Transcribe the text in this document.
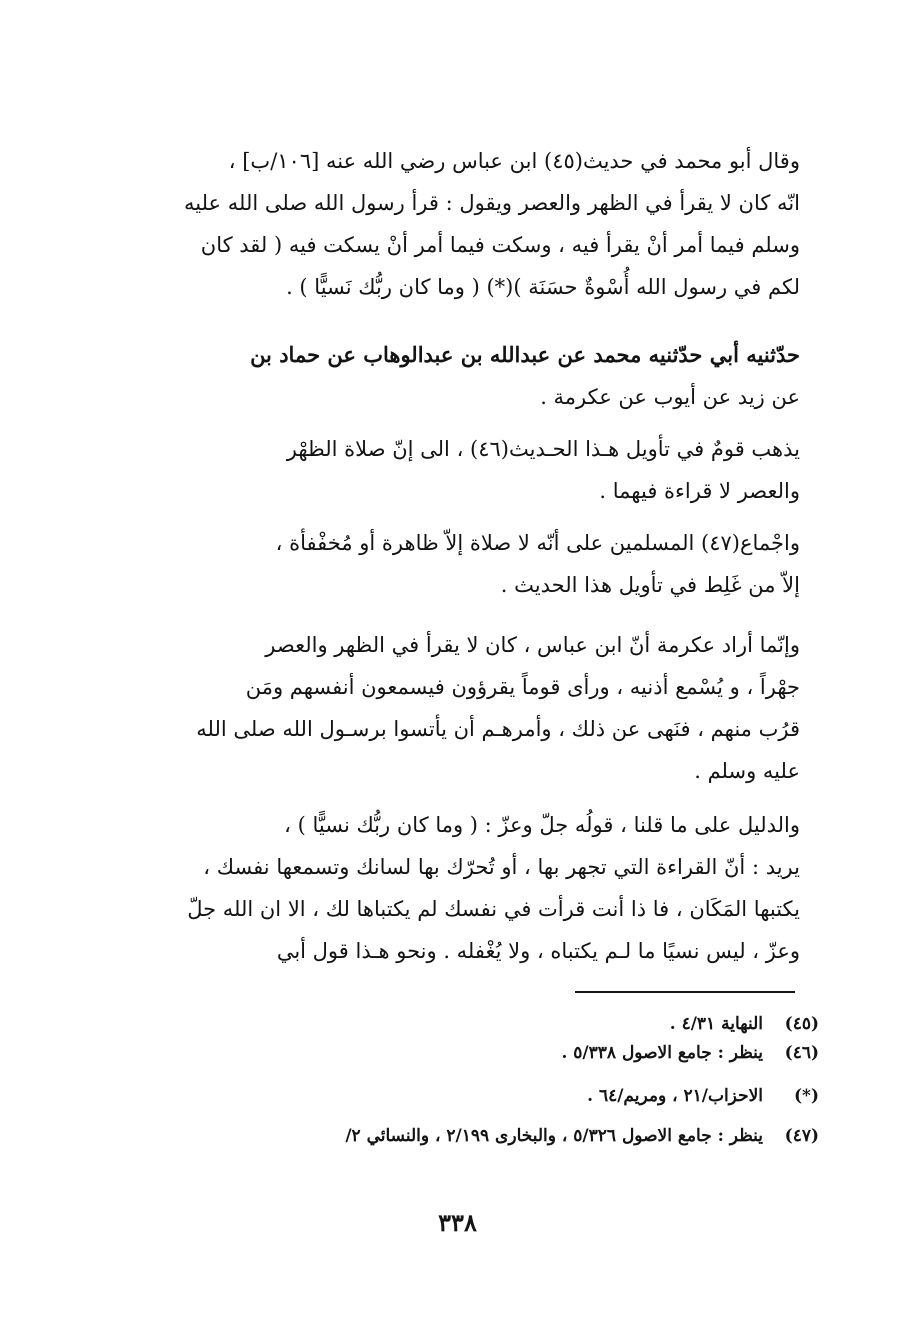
وقال أبو محمد في حديث(٤٥) ابن عباس رضي الله عنه [١٠٦/ب] ،
انّه كان لا يقرأ في الظهر والعصر ويقول : قرأ رسول الله صلى الله عليه
وسلم فيما أمر أنْ يقرأ فيه ، وسكت فيما أمر أنْ يسكت فيه ( لقد كان
لكم في رسول الله أُسْوةٌ حسَنَة )(*) ( وما كان ربُّك نَسيًّا ) .
حدّثنيه أبي حدّثنيه محمد عن عبدالله بن عبدالوهاب عن حماد بن
عن زيد عن أيوب عن عكرمة .
يذهب قومٌ في تأويل هـذا الحـديث(٤٦) ، الى إنّ صلاة الظهْر
والعصر لا قراءة فيهما .
واجْماع(٤٧) المسلمين على أنّه لا صلاة إلاّ ظاهرة أو مُخفْفأة ،
إلاّ من غَلِط في تأويل هذا الحديث .
وإنّما أراد عكرمة أنّ ابن عباس ، كان لا يقرأ في الظهر والعصر
جهْراً ، و يُسْمع أذنيه ، ورأى قوماً يقرؤون فيسمعون أنفسهم ومَن
قرُب منهم ، فنَهى عن ذلك ، وأمرهـم أن يأتسوا برسـول الله صلى الله
عليه وسلم .
والدليل على ما قلنا ، قولُه جلّ وعزّ : ( وما كان ربُّك نسيًّا ) ،
يريد : أنّ القراءة التي تجهر بها ، أو تُحرّك بها لسانك وتسمعها نفسك ،
يكتبها المَكَان ، فا ذا أنت قرأت في نفسك لم يكتباها لك ، الا ان الله جلّ
وعزّ ، ليس نسيًا ما لـم يكتباه ، ولا يُغْفله . ونحو هـذا قول أبي
(٤٥)
النهاية ٤/٣١ .
(٤٦)
ينظر : جامع الاصول ٥/٣٣٨ .
(*)
الاحزاب/٢١ ، ومريم/٦٤ .
(٤٧)
ينظر : جامع الاصول ٥/٣٢٦ ، والبخارى ٢/١٩٩ ، والنسائي ٢/
٣٣٨
